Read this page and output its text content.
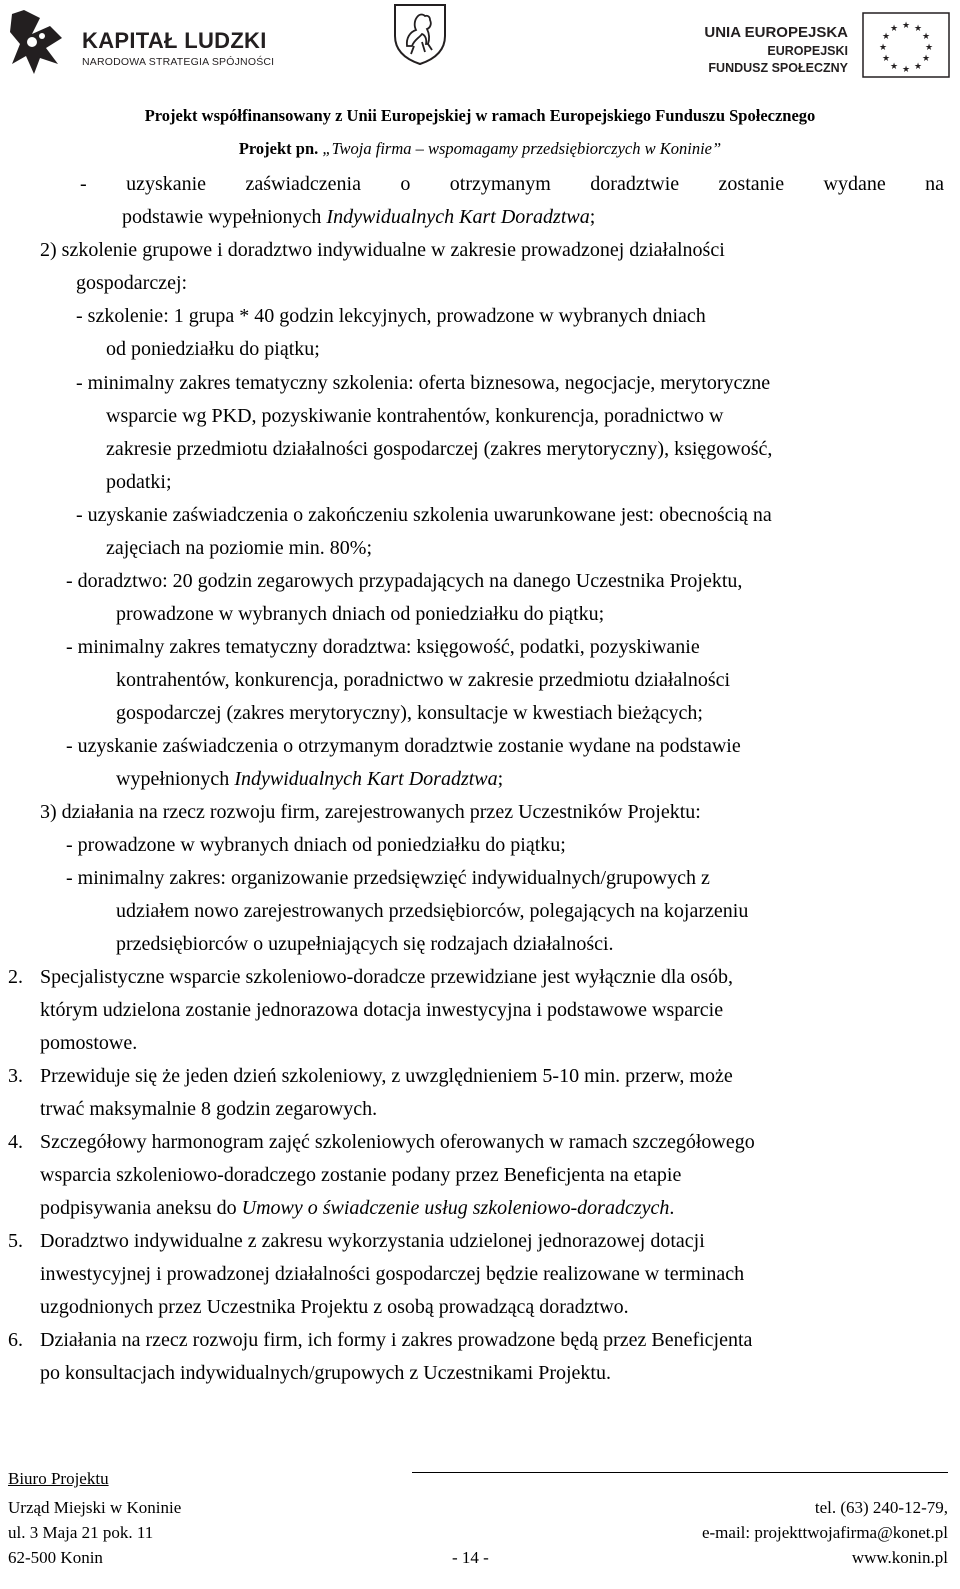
KAPITAŁ LUDZKI
NARODOWA STRATEGIA SPÓJNOŚCI
UNIA EUROPEJSKA
EUROPEJSKI
FUNDUSZ SPOŁECZNY
★ ★
★
★
★
★
★
★
★
★
★
★
Projekt współfinansowany z Unii Europejskiej w ramach Europejskiego Funduszu Społecznego
Projekt pn. „Twoja firma – wspomagamy przedsiębiorczych w Koninie”
- uzyskanie zaświadczenia o otrzymanym doradztwie zostanie wydane na
podstawie wypełnionych Indywidualnych Kart Doradztwa;
2) szkolenie grupowe i doradztwo indywidualne w zakresie prowadzonej działalności
gospodarczej:
- szkolenie: 1 grupa * 40 godzin lekcyjnych, prowadzone w wybranych dniach
od poniedziałku do piątku;
- minimalny zakres tematyczny szkolenia: oferta biznesowa, negocjacje, merytoryczne
wsparcie wg PKD, pozyskiwanie kontrahentów, konkurencja, poradnictwo w
zakresie przedmiotu działalności gospodarczej (zakres merytoryczny), księgowość,
podatki;
- uzyskanie zaświadczenia o zakończeniu szkolenia uwarunkowane jest: obecnością na
zajęciach na poziomie min. 80%;
- doradztwo: 20 godzin zegarowych przypadających na danego Uczestnika Projektu,
prowadzone w wybranych dniach od poniedziałku do piątku;
- minimalny zakres tematyczny doradztwa: księgowość, podatki, pozyskiwanie
kontrahentów, konkurencja, poradnictwo w zakresie przedmiotu działalności
gospodarczej (zakres merytoryczny), konsultacje w kwestiach bieżących;
- uzyskanie zaświadczenia o otrzymanym doradztwie zostanie wydane na podstawie
wypełnionych Indywidualnych Kart Doradztwa;
3) działania na rzecz rozwoju firm, zarejestrowanych przez Uczestników Projektu:
- prowadzone w wybranych dniach od poniedziałku do piątku;
- minimalny zakres: organizowanie przedsięwzięć indywidualnych/grupowych z
udziałem nowo zarejestrowanych przedsiębiorców, polegających na kojarzeniu
przedsiębiorców o uzupełniających się rodzajach działalności.
2. Specjalistyczne wsparcie szkoleniowo-doradcze przewidziane jest wyłącznie dla osób,
którym udzielona zostanie jednorazowa dotacja inwestycyjna i podstawowe wsparcie
pomostowe.
3. Przewiduje się że jeden dzień szkoleniowy, z uwzględnieniem 5-10 min. przerw, może
trwać maksymalnie 8 godzin zegarowych.
4. Szczegółowy harmonogram zajęć szkoleniowych oferowanych w ramach szczegółowego
wsparcia szkoleniowo-doradczego zostanie podany przez Beneficjenta na etapie
podpisywania aneksu do Umowy o świadczenie usług szkoleniowo-doradczych.
5. Doradztwo indywidualne z zakresu wykorzystania udzielonej jednorazowej dotacji
inwestycyjnej i prowadzonej działalności gospodarczej będzie realizowane w terminach
uzgodnionych przez Uczestnika Projektu z osobą prowadzącą doradztwo.
6. Działania na rzecz rozwoju firm, ich formy i zakres prowadzone będą przez Beneficjenta
po konsultacjach indywidualnych/grupowych z Uczestnikami Projektu.
Biuro Projektu
Urząd Miejski w Koninie
ul. 3 Maja 21 pok. 11
62-500 Konin	- 14 -
tel. (63) 240-12-79,
e-mail: projekttwojafirma@konet.pl
www.konin.pl
